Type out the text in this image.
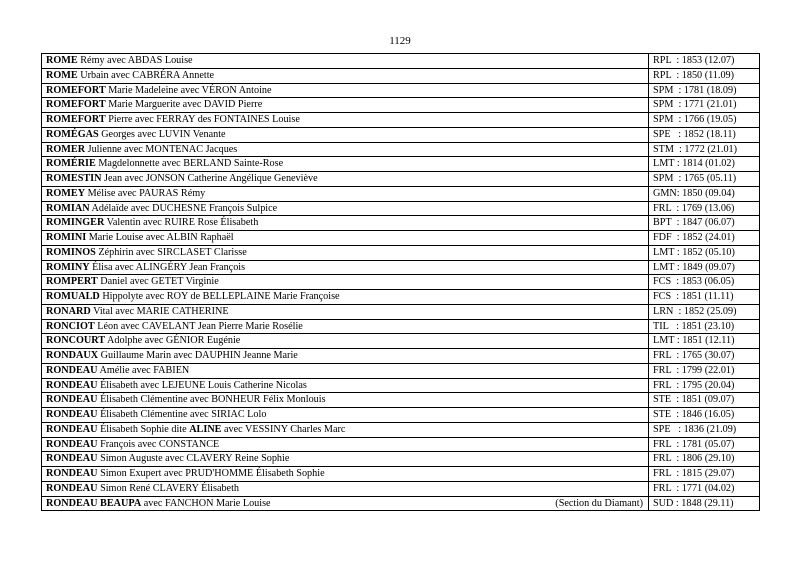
1129
ROME Rémy avec ABDAS Louise	RPL  : 1853 (12.07)
ROME Urbain avec CABRÉRA Annette	RPL  : 1850 (11.09)
ROMEFORT Marie Madeleine avec VÉRON Antoine	SPM  : 1781 (18.09)
ROMEFORT Marie Marguerite avec DAVID Pierre	SPM  : 1771 (21.01)
ROMEFORT Pierre avec FERRAY des FONTAINES Louise	SPM  : 1766 (19.05)
ROMÉGAS Georges avec LUVIN Venante	SPE   : 1852 (18.11)
ROMER Julienne avec MONTENAC Jacques	STM  : 1772 (21.01)
ROMÉRIE Magdelonnette avec BERLAND Sainte-Rose	LMT : 1814 (01.02)
ROMESTIN Jean avec JONSON Catherine Angélique Geneviève	SPM  : 1765 (05.11)
ROMEY Mélise avec PAURAS Rémy	GMN: 1850 (09.04)
ROMIAN Adélaïde avec DUCHESNE François Sulpice	FRL  : 1769 (13.06)
ROMINGER Valentin avec RUIRE Rose Élisabeth	BPT  : 1847 (06.07)
ROMINI Marie Louise avec ALBIN Raphaël	FDF  : 1852 (24.01)
ROMINOS Zéphirin avec SIRCLASET Clarisse	LMT : 1852 (05.10)
ROMINY Élisa avec ALINGÉRY Jean François	LMT : 1849 (09.07)
ROMPERT Daniel avec GETET Virginie	FCS  : 1853 (06.05)
ROMUALD Hippolyte avec ROY de BELLEPLAINE Marie Françoise	FCS  : 1851 (11.11)
RONARD Vital avec MARIE CATHERINE	LRN  : 1852 (25.09)
RONCIOT Léon avec CAVELANT Jean Pierre Marie Rosélie	TIL   : 1851 (23.10)
RONCOURT Adolphe avec GÉNIOR Eugénie	LMT : 1851 (12.11)
RONDAUX Guillaume Marin avec DAUPHIN Jeanne Marie	FRL  : 1765 (30.07)
RONDEAU Amélie avec FABIEN	FRL  : 1799 (22.01)
RONDEAU Élisabeth avec LEJEUNE Louis Catherine Nicolas	FRL  : 1795 (20.04)
RONDEAU Élisabeth Clémentine avec BONHEUR Félix Monlouis	STE  : 1851 (09.07)
RONDEAU Élisabeth Clémentine avec SIRIAC Lolo	STE  : 1846 (16.05)
RONDEAU Élisabeth Sophie dite ALINE avec VESSINY Charles Marc	SPE   : 1836 (21.09)
RONDEAU François avec CONSTANCE	FRL  : 1781 (05.07)
RONDEAU Simon Auguste avec CLAVERY Reine Sophie	FRL  : 1806 (29.10)
RONDEAU Simon Exupert avec PRUD'HOMME Élisabeth Sophie	FRL  : 1815 (29.07)
RONDEAU Simon René CLAVERY Élisabeth	FRL  : 1771 (04.02)
RONDEAU BEAUPA avec FANCHON Marie Louise (Section du Diamant)	SUD : 1848 (29.11)
